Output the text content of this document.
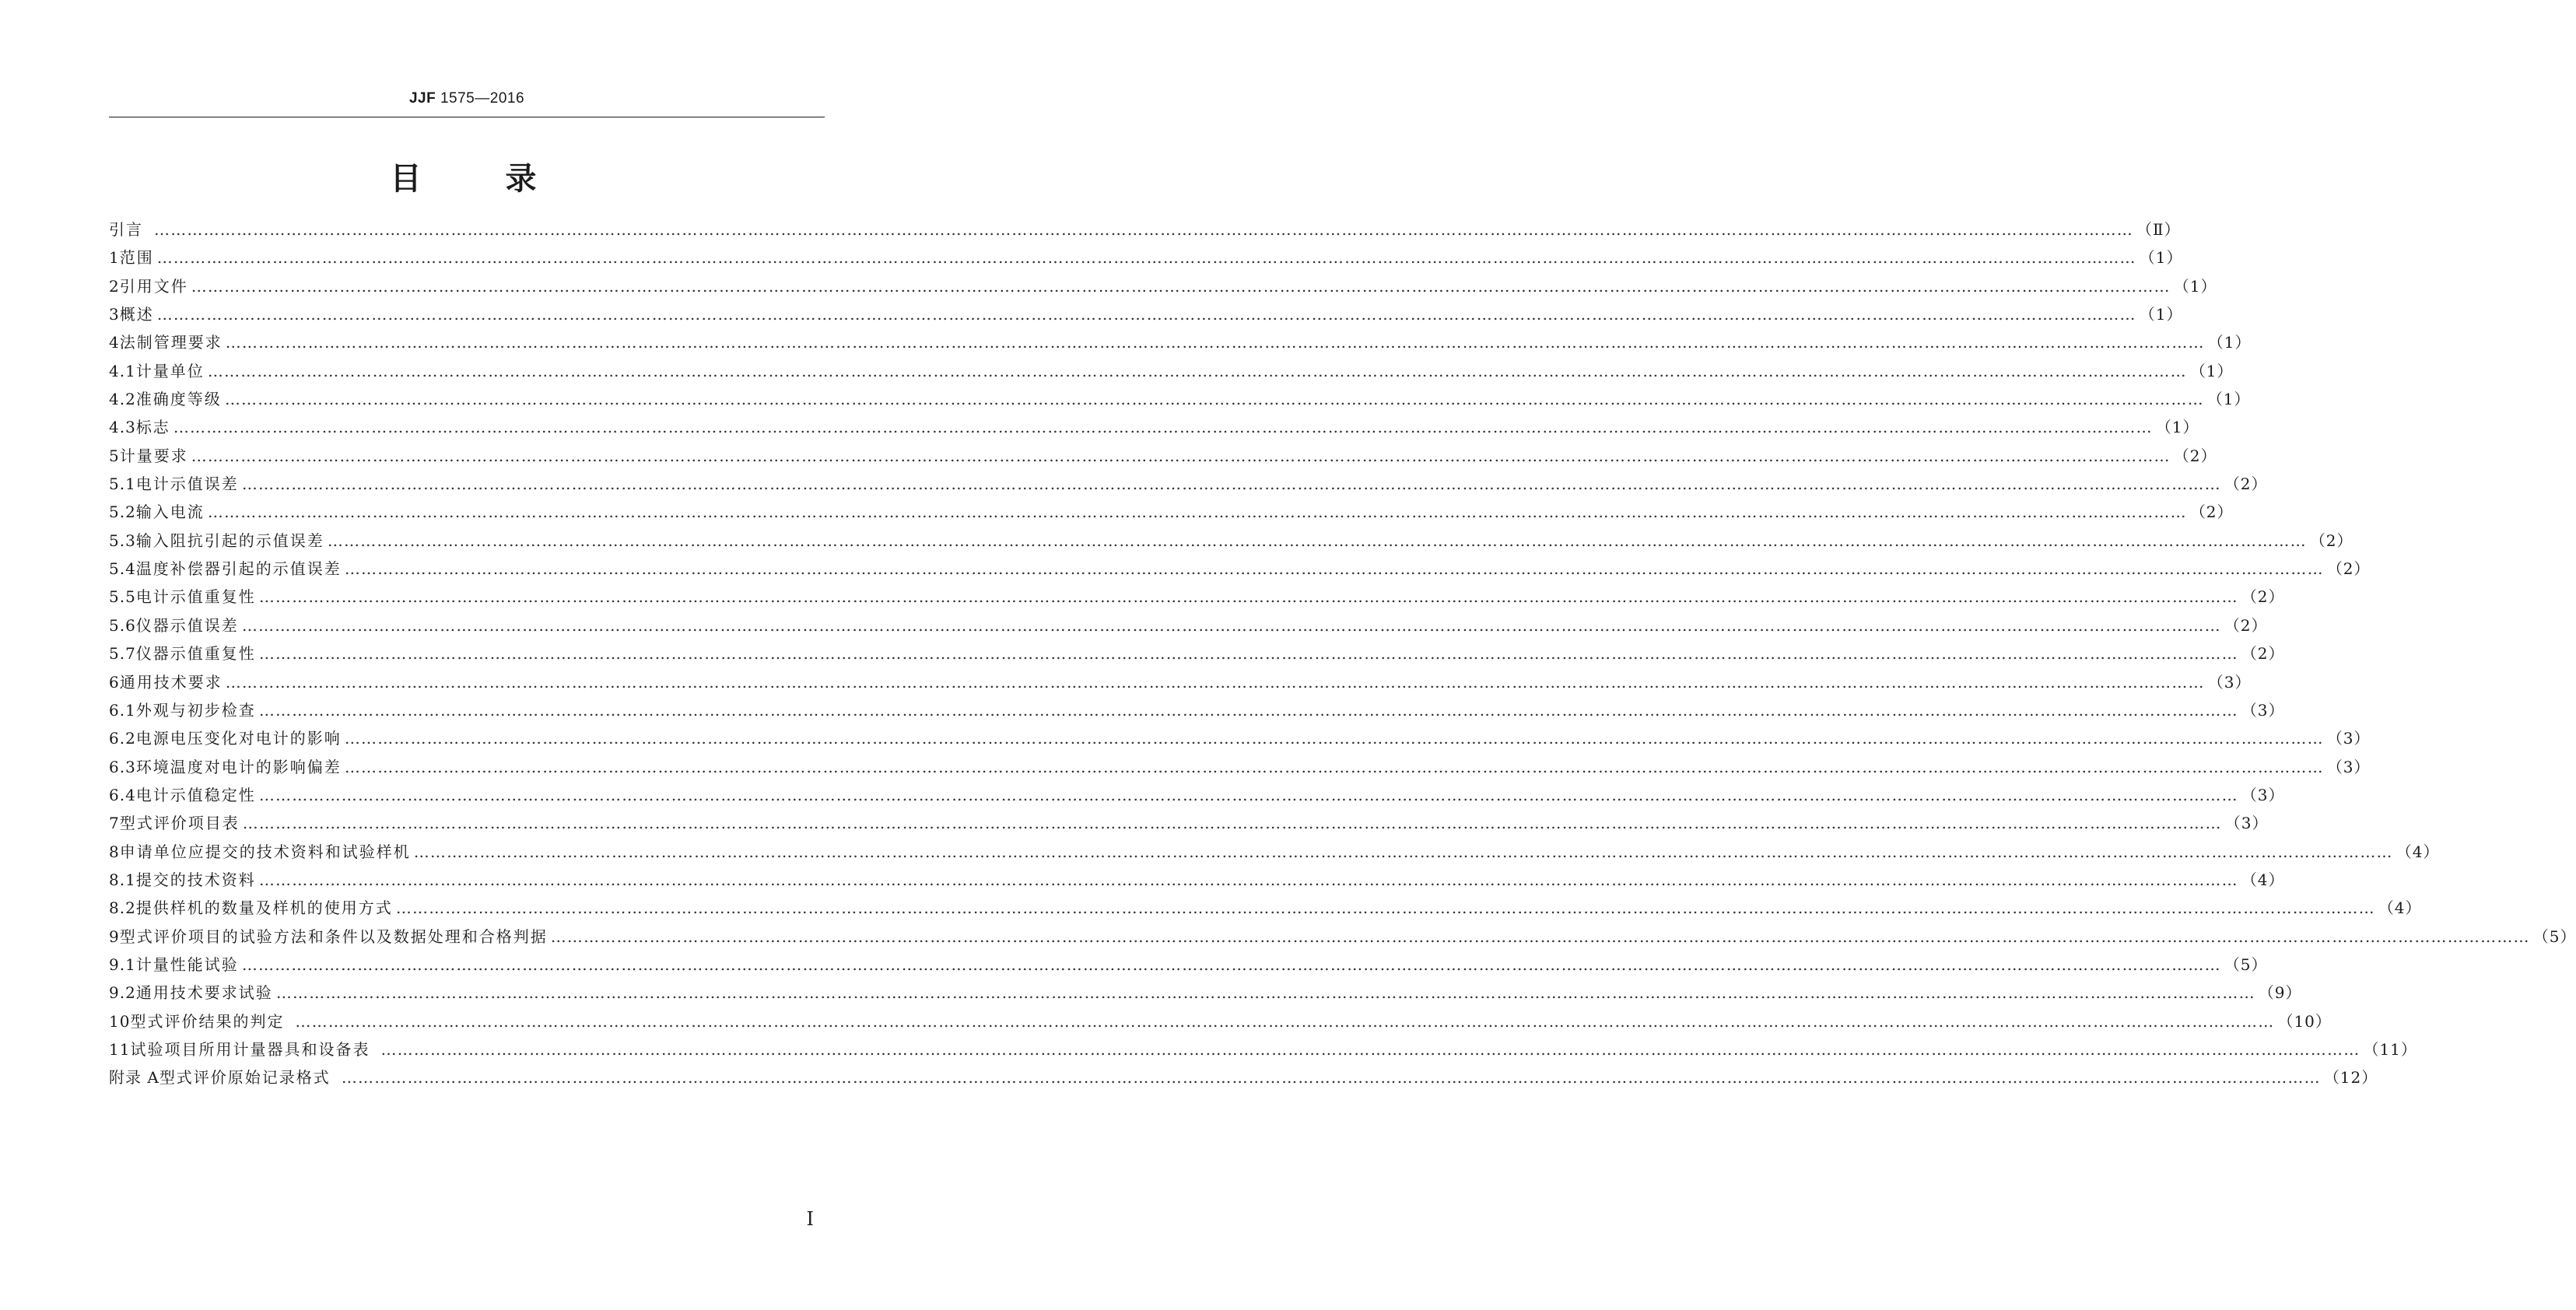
JJF 1575—2016
目	录
引言 ……………………………………………………………………………………………………………………………………………………………………………………………………………………………………………………………………………………………………………………………… （Ⅱ）
1 范围 ……………………………………………………………………………………………………………………………………………………………………………………………………………………………………………………………………………………………………………………………… （1）
2 引用文件 ……………………………………………………………………………………………………………………………………………………………………………………………………………………………………………………………………………………………………………………………… （1）
3 概述 ……………………………………………………………………………………………………………………………………………………………………………………………………………………………………………………………………………………………………………………………… （1）
4 法制管理要求 ……………………………………………………………………………………………………………………………………………………………………………………………………………………………………………………………………………………………………………………………… （1）
4.1 计量单位 ……………………………………………………………………………………………………………………………………………………………………………………………………………………………………………………………………………………………………………………………… （1）
4.2 准确度等级 ……………………………………………………………………………………………………………………………………………………………………………………………………………………………………………………………………………………………………………………………… （1）
4.3 标志 ……………………………………………………………………………………………………………………………………………………………………………………………………………………………………………………………………………………………………………………………… （1）
5 计量要求 ……………………………………………………………………………………………………………………………………………………………………………………………………………………………………………………………………………………………………………………………… （2）
5.1 电计示值误差 ……………………………………………………………………………………………………………………………………………………………………………………………………………………………………………………………………………………………………………………………… （2）
5.2 输入电流 ……………………………………………………………………………………………………………………………………………………………………………………………………………………………………………………………………………………………………………………………… （2）
5.3 输入阻抗引起的示值误差 ……………………………………………………………………………………………………………………………………………………………………………………………………………………………………………………………………………………………………………………………… （2）
5.4 温度补偿器引起的示值误差 ……………………………………………………………………………………………………………………………………………………………………………………………………………………………………………………………………………………………………………………………… （2）
5.5 电计示值重复性 ……………………………………………………………………………………………………………………………………………………………………………………………………………………………………………………………………………………………………………………………… （2）
5.6 仪器示值误差 ……………………………………………………………………………………………………………………………………………………………………………………………………………………………………………………………………………………………………………………………… （2）
5.7 仪器示值重复性 ……………………………………………………………………………………………………………………………………………………………………………………………………………………………………………………………………………………………………………………………… （2）
6 通用技术要求 ……………………………………………………………………………………………………………………………………………………………………………………………………………………………………………………………………………………………………………………………… （3）
6.1 外观与初步检查 ……………………………………………………………………………………………………………………………………………………………………………………………………………………………………………………………………………………………………………………………… （3）
6.2 电源电压变化对电计的影响 ……………………………………………………………………………………………………………………………………………………………………………………………………………………………………………………………………………………………………………………………… （3）
6.3 环境温度对电计的影响偏差 ……………………………………………………………………………………………………………………………………………………………………………………………………………………………………………………………………………………………………………………………… （3）
6.4 电计示值稳定性 ……………………………………………………………………………………………………………………………………………………………………………………………………………………………………………………………………………………………………………………………… （3）
7 型式评价项目表 ……………………………………………………………………………………………………………………………………………………………………………………………………………………………………………………………………………………………………………………………… （3）
8 申请单位应提交的技术资料和试验样机 ……………………………………………………………………………………………………………………………………………………………………………………………………………………………………………………………………………………………………………………………… （4）
8.1 提交的技术资料 ……………………………………………………………………………………………………………………………………………………………………………………………………………………………………………………………………………………………………………………………… （4）
8.2 提供样机的数量及样机的使用方式 ……………………………………………………………………………………………………………………………………………………………………………………………………………………………………………………………………………………………………………………………… （4）
9 型式评价项目的试验方法和条件以及数据处理和合格判据 ……………………………………………………………………………………………………………………………………………………………………………………………………………………………………………………………………………………………………………………………… （5）
9.1 计量性能试验 ……………………………………………………………………………………………………………………………………………………………………………………………………………………………………………………………………………………………………………………………… （5）
9.2 通用技术要求试验 ……………………………………………………………………………………………………………………………………………………………………………………………………………………………………………………………………………………………………………………………… （9）
10 型式评价结果的判定 ……………………………………………………………………………………………………………………………………………………………………………………………………………………………………………………………………………………………………………………………… （10）
11 试验项目所用计量器具和设备表 ……………………………………………………………………………………………………………………………………………………………………………………………………………………………………………………………………………………………………………………………… （11）
附录 A 型式评价原始记录格式 ……………………………………………………………………………………………………………………………………………………………………………………………………………………………………………………………………………………………………………………………… （12）
Ⅰ
